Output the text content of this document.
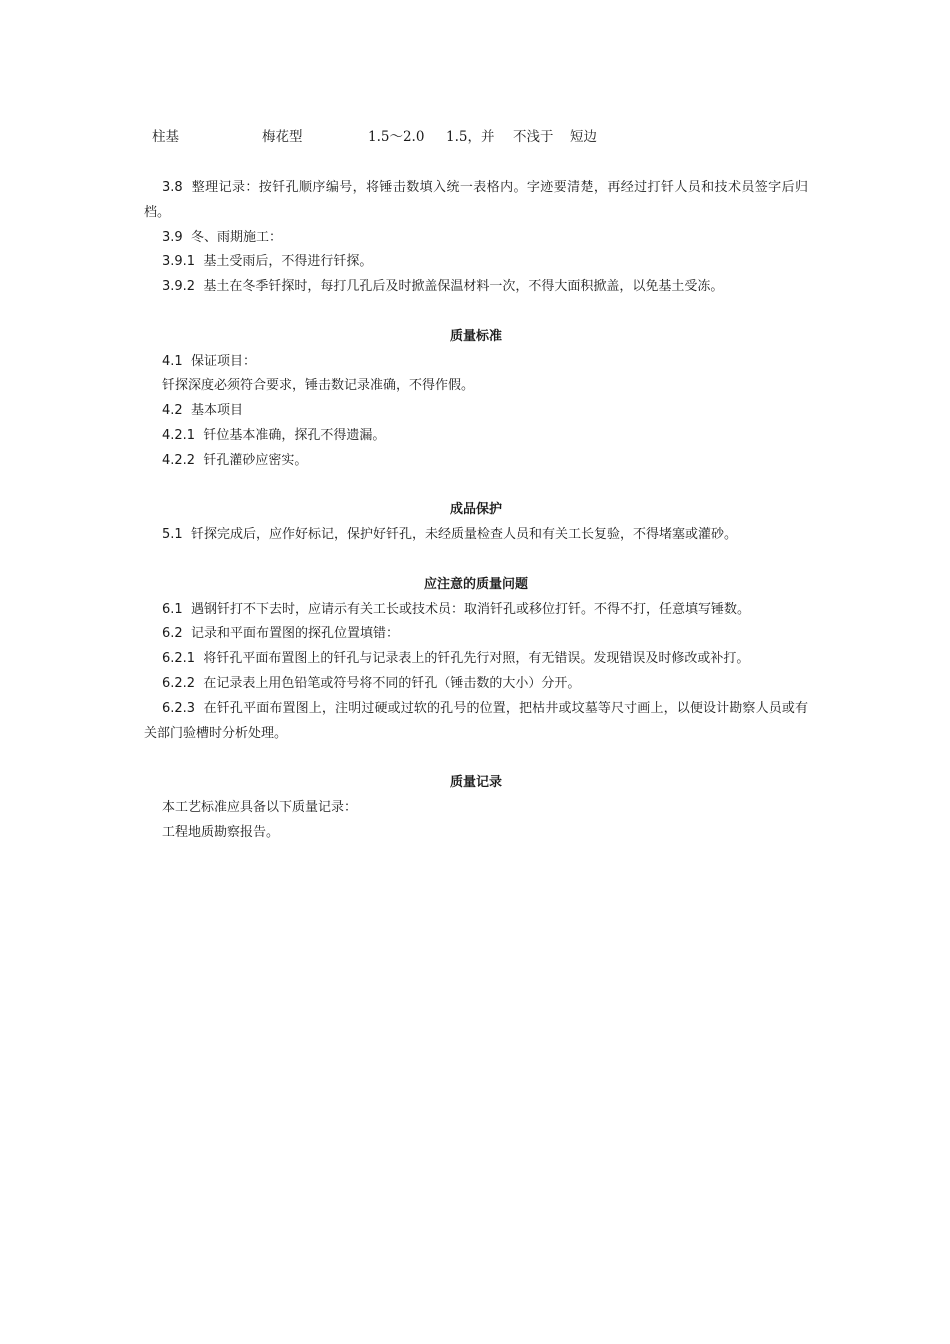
柱基	梅花型	1.5～2.0 1.5，并 不浅于 短边

3.8 整理记录：按钎孔顺序编号，将锤击数填入统一表格内。字迹要清楚，再经过打钎人员和技术员签字后归档。

3.9 冬、雨期施工：

3.9.1 基土受雨后，不得进行钎探。

3.9.2 基土在冬季钎探时，每打几孔后及时掀盖保温材料一次，不得大面积掀盖，以免基土受冻。

质量标准

4.1 保证项目：

钎探深度必须符合要求，锤击数记录准确，不得作假。

4.2 基本项目

4.2.1 钎位基本准确，探孔不得遗漏。

4.2.2 钎孔灌砂应密实。

成品保护

5.1 钎探完成后，应作好标记，保护好钎孔，未经质量检查人员和有关工长复验，不得堵塞或灌砂。

应注意的质量问题

6.1 遇钢钎打不下去时，应请示有关工长或技术员：取消钎孔或移位打钎。不得不打，任意填写锤数。

6.2 记录和平面布置图的探孔位置填错：

6.2.1 将钎孔平面布置图上的钎孔与记录表上的钎孔先行对照，有无错误。发现错误及时修改或补打。

6.2.2 在记录表上用色铅笔或符号将不同的钎孔（锤击数的大小）分开。

6.2.3 在钎孔平面布置图上，注明过硬或过软的孔号的位置，把枯井或坟墓等尺寸画上，以便设计勘察人员或有关部门验槽时分析处理。

质量记录

本工艺标准应具备以下质量记录：

工程地质勘察报告。
